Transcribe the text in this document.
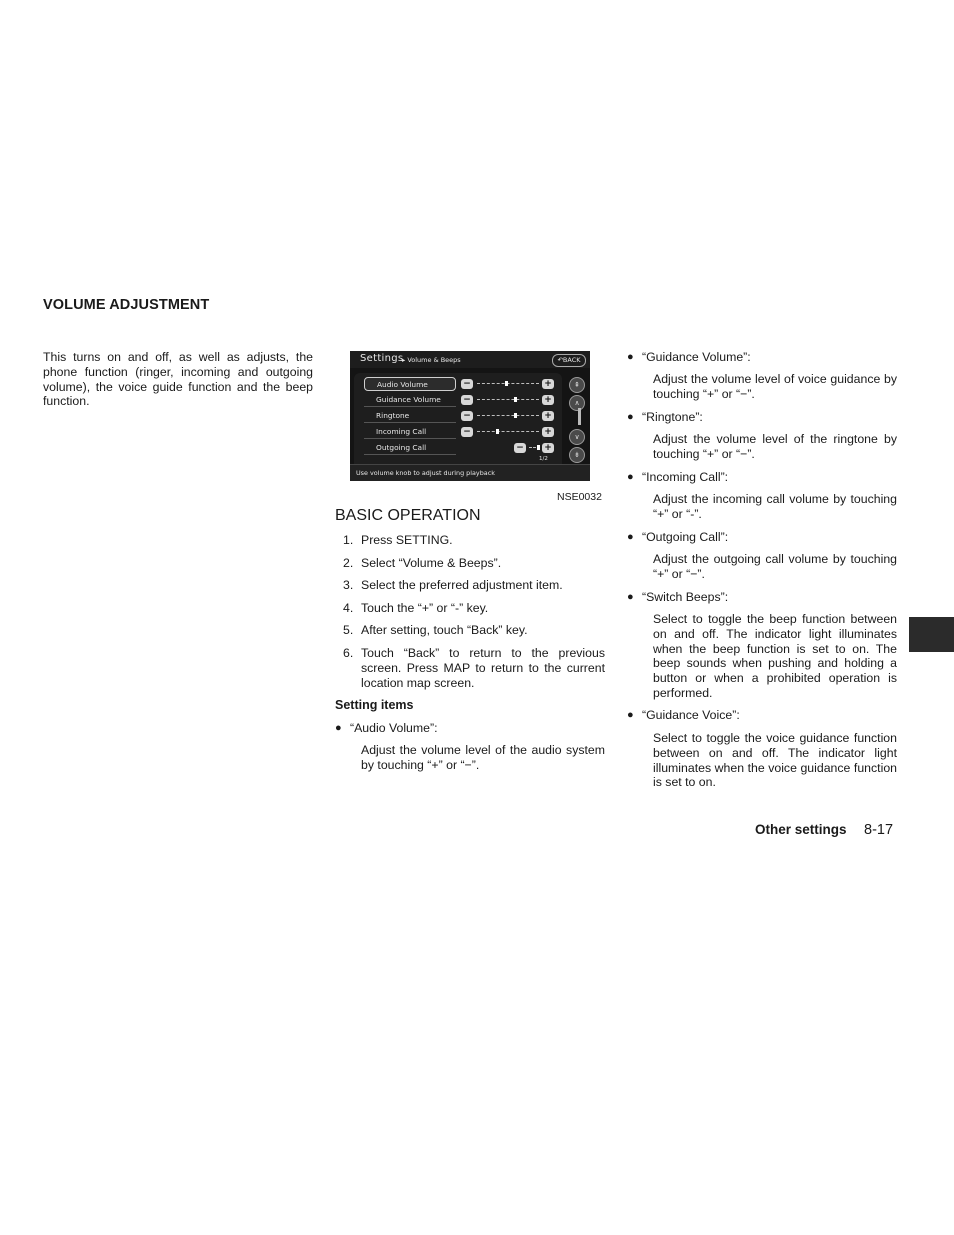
VOLUME ADJUSTMENT
This turns on and off, as well as adjusts, the phone function (ringer, incoming and outgoing volume), the voice guide function and the beep function.
Settings
▸ Volume & Beeps	↶BACK
Audio Volume	−	+
Guidance Volume	−	+
Ringtone	−	+
Incoming Call	−	+
Outgoing Call	− +
⇞
∧
∨
⇟
1/2
Use volume knob to adjust during playback
NSE0032
BASIC OPERATION
1. Press SETTING.
2. Select “Volume & Beeps”.
3. Select the preferred adjustment item.
4. Touch the “+” or “-” key.
5. After setting, touch “Back” key.
6. Touch “Back” to return to the previous screen. Press MAP to return to the current location map screen.
Setting items
● “Audio Volume”:
Adjust the volume level of the audio system by touching “+” or “−”.
● “Guidance Volume”:
Adjust the volume level of voice guidance by touching “+” or “−”.
● “Ringtone”:
Adjust the volume level of the ringtone by touching “+” or “−”.
● “Incoming Call”:
Adjust the incoming call volume by touching “+” or “-”.
● “Outgoing Call”:
Adjust the outgoing call volume by touching “+” or “−”.
● “Switch Beeps”:
Select to toggle the beep function between on and off. The indicator light illuminates when the beep function is set to on. The beep sounds when pushing and holding a button or when a prohibited operation is performed.
● “Guidance Voice”:
Select to toggle the voice guidance function between on and off. The indicator light illuminates when the voice guidance function is set to on.
Other settings 8-17
